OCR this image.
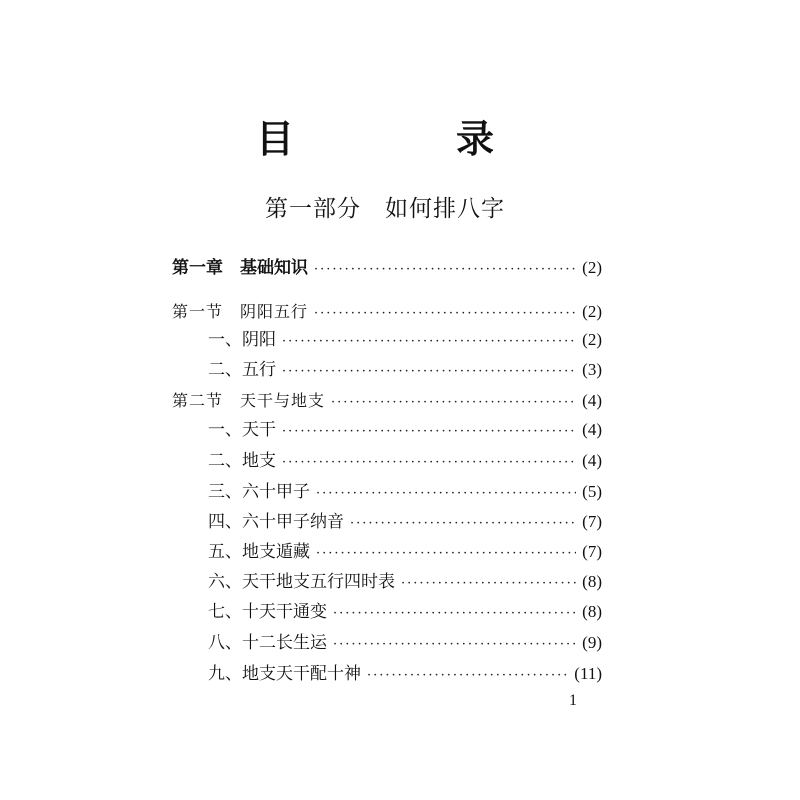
目　录
第一部分 如何排八字
第一章　基础知识 ·····	(2)
第一节　阴阳五行 ·····	(2)
一、阴阳 ·····	(2)
二、五行 ·····	(3)
第二节　天干与地支 ·····	(4)
一、天干 ·····	(4)
二、地支 ·····	(4)
三、六十甲子 ·····	(5)
四、六十甲子纳音 ·····	(7)
五、地支遁藏 ·····	(7)
六、天干地支五行四时表 ·····	(8)
七、十天干通变 ·····	(8)
八、十二长生运 ·····	(9)
九、地支天干配十神 ·····	(11)
1
